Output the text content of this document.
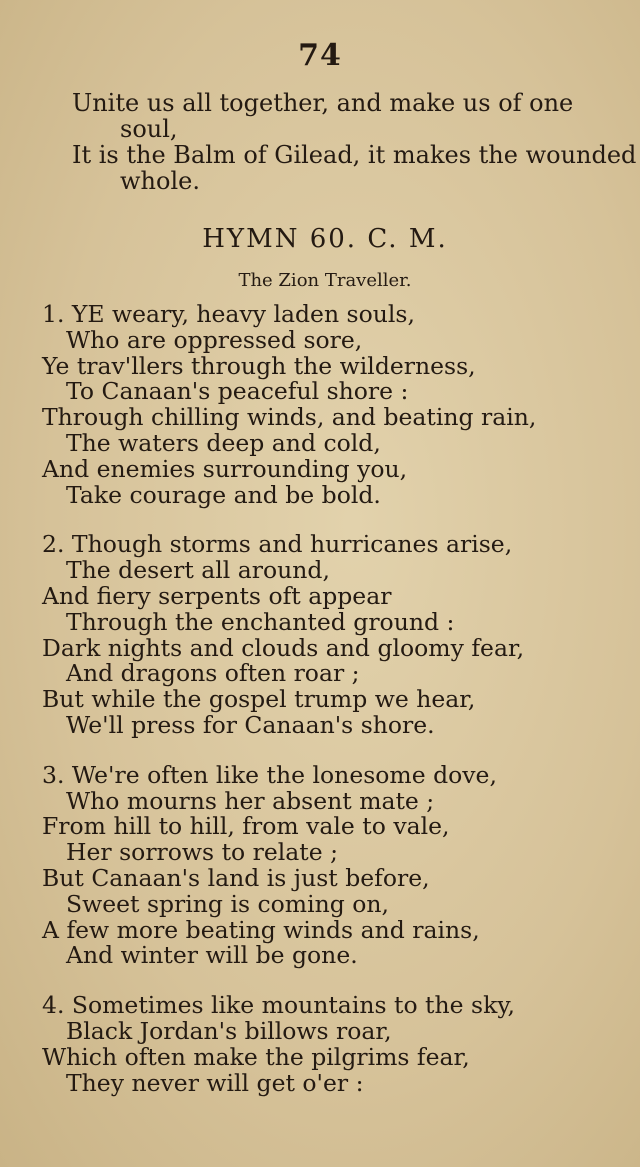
74
Unite us all together, and make us of one
soul,
It is the Balm of Gilead, it makes the wounded
whole.
HYMN 60. C. M.
The Zion Traveller.
1. YE weary, heavy laden souls,
Who are oppressed sore,
Ye trav'llers through the wilderness,
To Canaan's peaceful shore :
Through chilling winds, and beating rain,
The waters deep and cold,
And enemies surrounding you,
Take courage and be bold.
2. Though storms and hurricanes arise,
The desert all around,
And fiery serpents oft appear
Through the enchanted ground :
Dark nights and clouds and gloomy fear,
And dragons often roar ;
But while the gospel trump we hear,
We'll press for Canaan's shore.
3. We're often like the lonesome dove,
Who mourns her absent mate ;
From hill to hill, from vale to vale,
Her sorrows to relate ;
But Canaan's land is just before,
Sweet spring is coming on,
A few more beating winds and rains,
And winter will be gone.
4. Sometimes like mountains to the sky,
Black Jordan's billows roar,
Which often make the pilgrims fear,
They never will get o'er :
